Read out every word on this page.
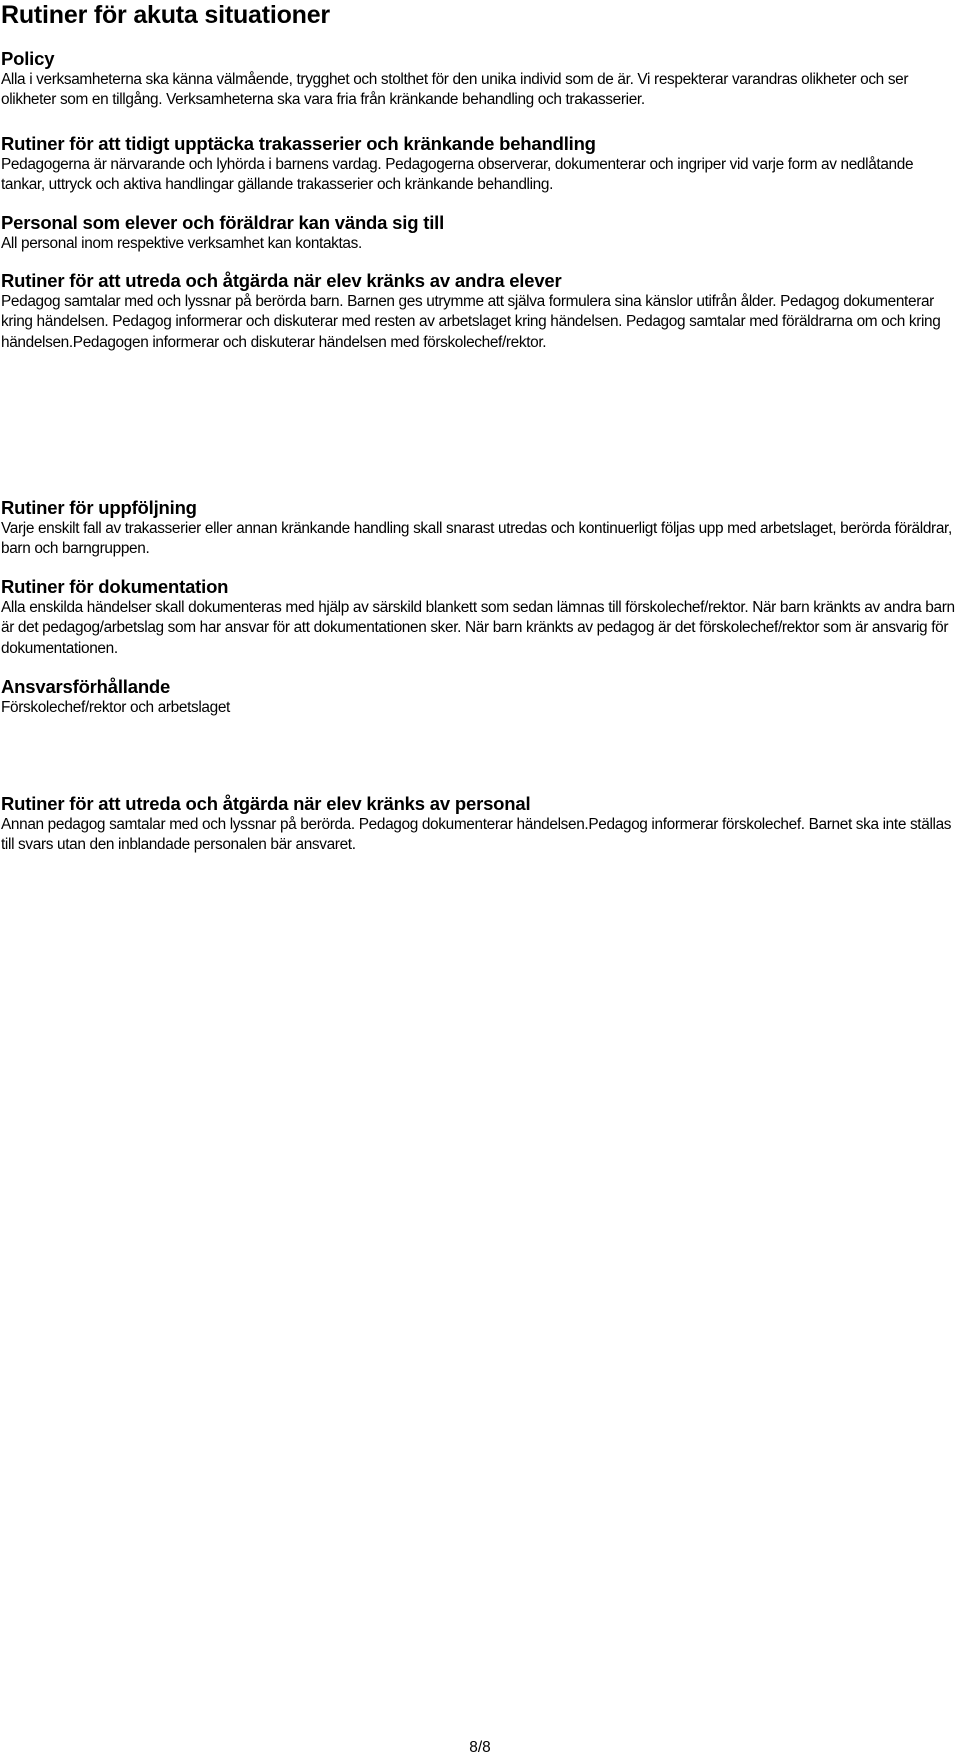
Rutiner för akuta situationer
Policy

Alla i verksamheterna ska känna välmående, trygghet och stolthet för den unika individ som de är. Vi respekterar varandras olikheter och ser olikheter som en tillgång. Verksamheterna ska vara fria från kränkande behandling och trakasserier.

Rutiner för att tidigt upptäcka trakasserier och kränkande behandling

Pedagogerna är närvarande och lyhörda i barnens vardag. Pedagogerna observerar, dokumenterar och ingriper vid varje form av nedlåtande tankar, uttryck och aktiva handlingar gällande trakasserier och kränkande behandling.

Personal som elever och föräldrar kan vända sig till

All personal inom respektive verksamhet kan kontaktas.

Rutiner för att utreda och åtgärda när elev kränks av andra elever

Pedagog samtalar med och lyssnar på berörda barn. Barnen ges utrymme att själva formulera sina känslor utifrån ålder. Pedagog dokumenterar kring händelsen. Pedagog informerar och diskuterar med resten av arbetslaget kring händelsen. Pedagog samtalar med föräldrarna om och kring händelsen.Pedagogen informerar och diskuterar händelsen med förskolechef/rektor.

Rutiner för att utreda och åtgärda när elev kränks av personal

Annan pedagog samtalar med och lyssnar på berörda. Pedagog dokumenterar händelsen.Pedagog informerar förskolechef. Barnet ska inte ställas till svars utan den inblandade personalen bär ansvaret.

Rutiner för uppföljning

Varje enskilt fall av trakasserier eller annan kränkande handling skall snarast utredas och kontinuerligt följas upp med arbetslaget, berörda föräldrar, barn och barngruppen.

Rutiner för dokumentation

Alla enskilda händelser skall dokumenteras med hjälp av särskild blankett som sedan lämnas till förskolechef/rektor. När barn kränkts av andra barn är det pedagog/arbetslag som har ansvar för att dokumentationen sker. När barn kränkts av pedagog är det förskolechef/rektor som är ansvarig för dokumentationen.

Ansvarsförhållande

Förskolechef/rektor och arbetslaget

8/8
